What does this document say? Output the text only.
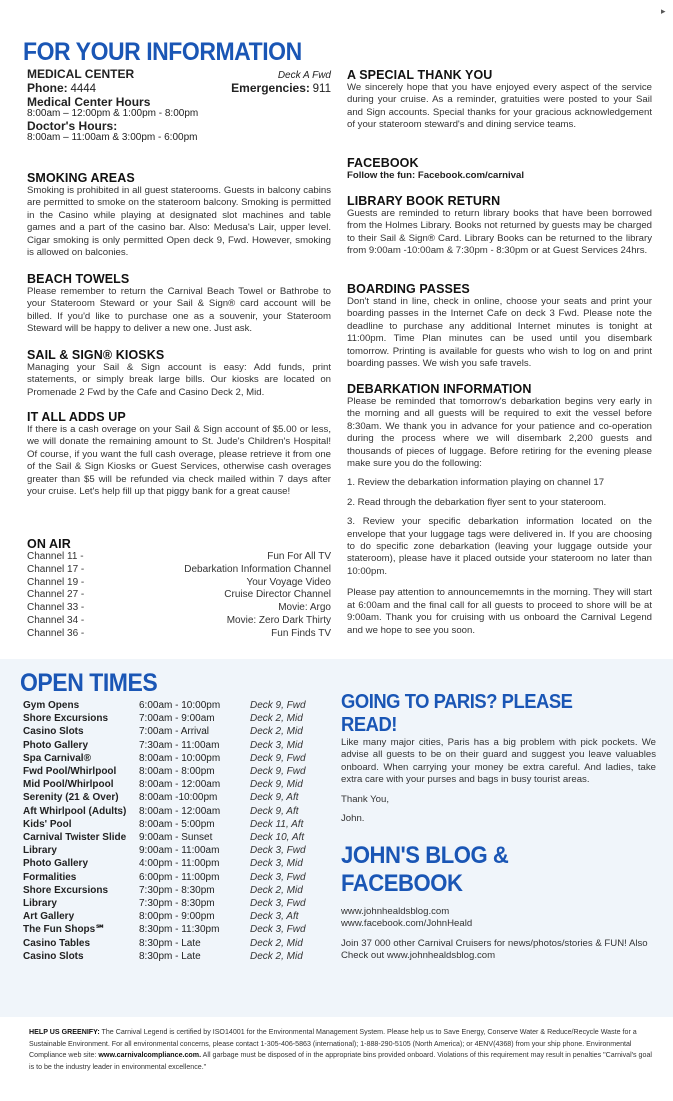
▸
FOR YOUR INFORMATION
MEDICAL CENTER	Deck A Fwd
Phone: 4444	Emergencies: 911
Medical Center Hours
8:00am – 12:00pm & 1:00pm - 8:00pm
Doctor's Hours:
8:00am – 11:00am & 3:00pm - 6:00pm
SMOKING AREAS

Smoking is prohibited in all guest staterooms. Guests in balcony cabins are permitted to smoke on the stateroom balcony. Smoking is permitted in the Casino while playing at designated slot machines and table games and a part of the casino bar. Also: Medusa's Lair, upper level. Cigar smoking is only permitted Open deck 9, Fwd. However, smoking is allowed on balconies.

BEACH TOWELS

Please remember to return the Carnival Beach Towel or Bathrobe to your Stateroom Steward or your Sail & Sign® card account will be billed. If you'd like to purchase one as a souvenir, your Stateroom Steward will be happy to deliver a new one. Just ask.

SAIL & SIGN® KIOSKS

Managing your Sail & Sign account is easy: Add funds, print statements, or simply break large bills. Our kiosks are located on Promenade 2 Fwd by the Cafe and Casino Deck 2, Mid.

IT ALL ADDS UP

If there is a cash overage on your Sail & Sign account of $5.00 or less, we will donate the remaining amount to St. Jude's Children's Hospital! Of course, if you want the full cash overage, please retrieve it from one of the Sail & Sign Kiosks or Guest Services, otherwise cash overages greater than $5 will be refunded via check mailed within 7 days after your cruise. Let's help fill up that piggy bank for a great cause!

ON AIR
Channel 11 -	Fun For All TV
Channel 17 -	Debarkation Information Channel
Channel 19 -	Your Voyage Video
Channel 27 -	Cruise Director Channel
Channel 33 -	Movie: Argo
Channel 34 -	Movie: Zero Dark Thirty
Channel 36 -	Fun Finds TV
A SPECIAL THANK YOU

We sincerely hope that you have enjoyed every aspect of the service during your cruise. As a reminder, gratuities were posted to your Sail and Sign accounts. Special thanks for your gracious acknowledgement of your stateroom steward's and dining service teams.

FACEBOOK

Follow the fun: Facebook.com/carnival

LIBRARY BOOK RETURN

Guests are reminded to return library books that have been borrowed from the Holmes Library. Books not returned by guests may be charged to their Sail & Sign® Card. Library Books can be returned to the library from 9:00am -10:00am & 7:30pm - 8:30pm or at Guest Services 24hrs.

BOARDING PASSES

Don't stand in line, check in online, choose your seats and print your boarding passes in the Internet Cafe on deck 3 Fwd. Please note the deadline to purchase any additional Internet minutes is tonight at 11:00pm. Time Plan minutes can be used until you disembark tomorrow. Printing is available for guests who wish to log on and print boarding passes. We wish you safe travels.

DEBARKATION INFORMATION

Please be reminded that tomorrow's debarkation begins very early in the morning and all guests will be required to exit the vessel before 8:30am. We thank you in advance for your patience and co-operation during the process where we will disembark 2,200 guests and thousands of pieces of luggage. Before retiring for the evening please make sure you do the following:

1. Review the debarkation information playing on channel 17

2. Read through the debarkation flyer sent to your stateroom.

3. Review your specific debarkation information located on the envelope that your luggage tags were delivered in. If you are choosing to do specific zone debarkation (leaving your luggage outside your stateroom), please have it placed outside your stateroom no later than 10:00pm.

Please pay attention to announcememnts in the morning. They will start at 6:00am and the final call for all guests to proceed to shore will be at 9:00am. Thank you for cruising with us onboard the Carnival Legend and we hope to see you soon.

OPEN TIMES
Gym Opens	6:00am - 10:00pm	Deck 9, Fwd
Shore Excursions	7:00am - 9:00am	Deck 2, Mid
Casino Slots	7:00am - Arrival	Deck 2, Mid
Photo Gallery	7:30am - 11:00am	Deck 3, Mid
Spa Carnival®	8:00am - 10:00pm	Deck 9, Fwd
Fwd Pool/Whirlpool	8:00am - 8:00pm	Deck 9, Fwd
Mid Pool/Whirlpool	8:00am - 12:00am	Deck 9, Mid
Serenity (21 & Over)	8:00am -10:00pm	Deck 9, Aft
Aft Whirlpool (Adults)	8:00am - 12:00am	Deck 9, Aft
Kids' Pool	8:00am - 5:00pm	Deck 11, Aft
Carnival Twister Slide	9:00am - Sunset	Deck 10, Aft
Library	9:00am - 11:00am	Deck 3, Fwd
Photo Gallery	4:00pm - 11:00pm	Deck 3, Mid
Formalities	6:00pm - 11:00pm	Deck 3, Fwd
Shore Excursions	7:30pm - 8:30pm	Deck 2, Mid
Library	7:30pm - 8:30pm	Deck 3, Fwd
Art Gallery	8:00pm - 9:00pm	Deck 3, Aft
The Fun Shops℠	8:30pm - 11:30pm	Deck 3, Fwd
Casino Tables	8:30pm - Late	Deck 2, Mid
Casino Slots	8:30pm - Late	Deck 2, Mid
GOING TO PARIS? PLEASE READ!

Like many major cities, Paris has a big problem with pick pockets. We advise all guests to be on their guard and suggest you leave valuables onboard. When carrying your money be extra careful. And ladies, take extra care with your purses and bags in busy tourist areas.

Thank You,

John.

JOHN'S BLOG & FACEBOOK

www.johnhealdsblog.com

www.facebook.com/JohnHeald

Join 37 000 other Carnival Cruisers for news/photos/stories & FUN! Also Check out www.johnhealdsblog.com

HELP US GREENIFY: The Carnival Legend is certified by ISO14001 for the Environmental Management System. Please help us to Save Energy, Conserve Water & Reduce/Recycle Waste for a Sustainable Environment. For all environmental concerns, please contact 1-305-406-5863 (international); 1-888-290-5105 (North America); or 4ENV(4368) from your ship phone. Environmental Compliance web site: www.carnivalcompliance.com. All garbage must be disposed of in the appropriate bins provided onboard. Violations of this requirement may result in penalties "Carnival's goal is to be the industry leader in environmental excellence."
